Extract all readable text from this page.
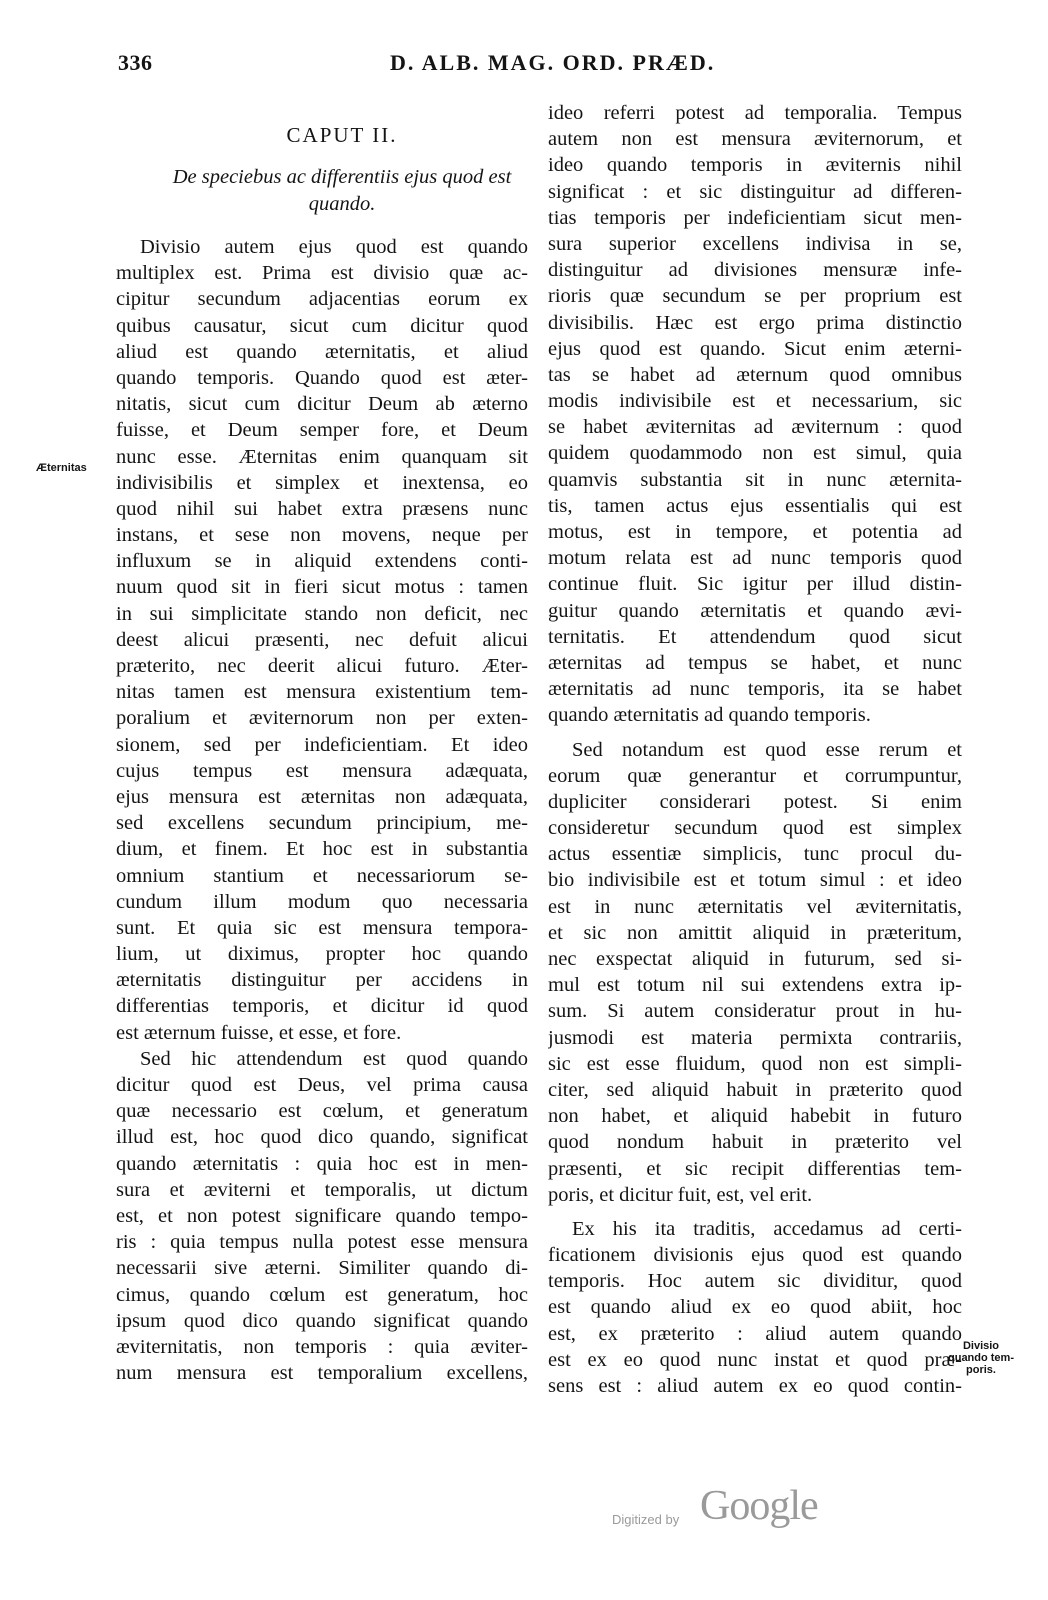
336	D. ALB. MAG. ORD. PRÆD.
CAPUT II.
De speciebus ac differentiis ejus quod est
quando.
Divisio autem ejus quod est quando
multiplex est. Prima est divisio quæ ac-
cipitur secundum adjacentias eorum ex
quibus causatur, sicut cum dicitur quod
aliud est quando æternitatis, et aliud
quando temporis. Quando quod est æter-
nitatis, sicut cum dicitur Deum ab æterno
fuisse, et Deum semper fore, et Deum
nunc esse. Æternitas enim quanquam sit
indivisibilis et simplex et inextensa, eo
quod nihil sui habet extra præsens nunc
instans, et sese non movens, neque per
influxum se in aliquid extendens conti-
nuum quod sit in fieri sicut motus : tamen
in sui simplicitate stando non deficit, nec
deest alicui præsenti, nec defuit alicui
præterito, nec deerit alicui futuro. Æter-
nitas tamen est mensura existentium tem-
poralium et æviternorum non per exten-
sionem, sed per indeficientiam. Et ideo
cujus tempus est mensura adæquata,
ejus mensura est æternitas non adæquata,
sed excellens secundum principium, me-
dium, et finem. Et hoc est in substantia
omnium stantium et necessariorum se-
cundum illum modum quo necessaria
sunt. Et quia sic est mensura tempora-
lium, ut diximus, propter hoc quando
æternitatis distinguitur per accidens in
differentias temporis, et dicitur id quod
est æternum fuisse, et esse, et fore.
Sed hic attendendum est quod quando
dicitur quod est Deus, vel prima causa
quæ necessario est cœlum, et generatum
illud est, hoc quod dico quando, significat
quando æternitatis : quia hoc est in men-
sura et æviterni et temporalis, ut dictum
est, et non potest significare quando tempo-
ris : quia tempus nulla potest esse mensura
necessarii sive æterni. Similiter quando di-
cimus, quando cœlum est generatum, hoc
ipsum quod dico quando significat quando
æviternitatis, non temporis : quia æviter-
num mensura est temporalium excellens,
ideo referri potest ad temporalia. Tempus
autem non est mensura æviternorum, et
ideo quando temporis in æviternis nihil
significat : et sic distinguitur ad differen-
tias temporis per indeficientiam sicut men-
sura superior excellens indivisa in se,
distinguitur ad divisiones mensuræ infe-
rioris quæ secundum se per proprium est
divisibilis. Hæc est ergo prima distinctio
ejus quod est quando. Sicut enim æterni-
tas se habet ad æternum quod omnibus
modis indivisibile est et necessarium, sic
se habet æviternitas ad æviternum : quod
quidem quodammodo non est simul, quia
quamvis substantia sit in nunc æternita-
tis, tamen actus ejus essentialis qui est
motus, est in tempore, et potentia ad
motum relata est ad nunc temporis quod
continue fluit. Sic igitur per illud distin-
guitur quando æternitatis et quando ævi-
ternitatis. Et attendendum quod sicut
æternitas ad tempus se habet, et nunc
æternitatis ad nunc temporis, ita se habet
quando æternitatis ad quando temporis.
Sed notandum est quod esse rerum et
eorum quæ generantur et corrumpuntur,
dupliciter considerari potest. Si enim
consideretur secundum quod est simplex
actus essentiæ simplicis, tunc procul du-
bio indivisibile est et totum simul : et ideo
est in nunc æternitatis vel æviternitatis,
et sic non amittit aliquid in præteritum,
nec exspectat aliquid in futurum, sed si-
mul est totum nil sui extendens extra ip-
sum. Si autem consideratur prout in hu-
jusmodi est materia permixta contrariis,
sic est esse fluidum, quod non est simpli-
citer, sed aliquid habuit in præterito quod
non habet, et aliquid habebit in futuro
quod nondum habuit in præterito vel
præsenti, et sic recipit differentias tem-
poris, et dicitur fuit, est, vel erit.
Ex his ita traditis, accedamus ad certi-
ficationem divisionis ejus quod est quando
temporis. Hoc autem sic dividitur, quod
est quando aliud ex eo quod abiit, hoc
est, ex præterito : aliud autem quando
est ex eo quod nunc instat et quod præ-
sens est : aliud autem ex eo quod contin-
Æternitas
Divisio
quando tem-
poris.
Digitized by Google
